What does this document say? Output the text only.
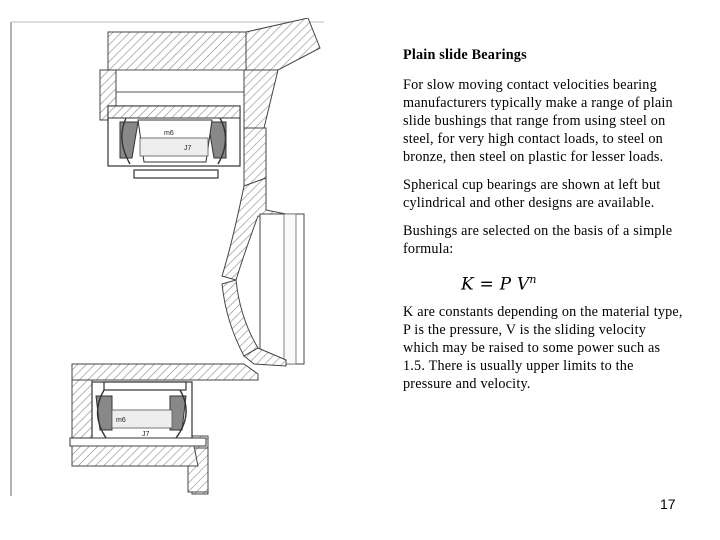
m6
J7
m6
J7

Plain slide Bearings

For slow moving contact velocities bearing manufacturers typically make a range of plain slide bushings that range from using steel on steel, for very high contact loads, to steel on bronze, then steel on plastic for lesser loads.

Spherical cup bearings are shown at left but cylindrical and other designs are available.

Bushings are selected on the basis of a simple formula:

K = P $V^n$

K are constants depending on the material type, P is the pressure, V is the sliding velocity which may be raised to some power such as 1.5. There is usually upper limits to the pressure and velocity.

17
